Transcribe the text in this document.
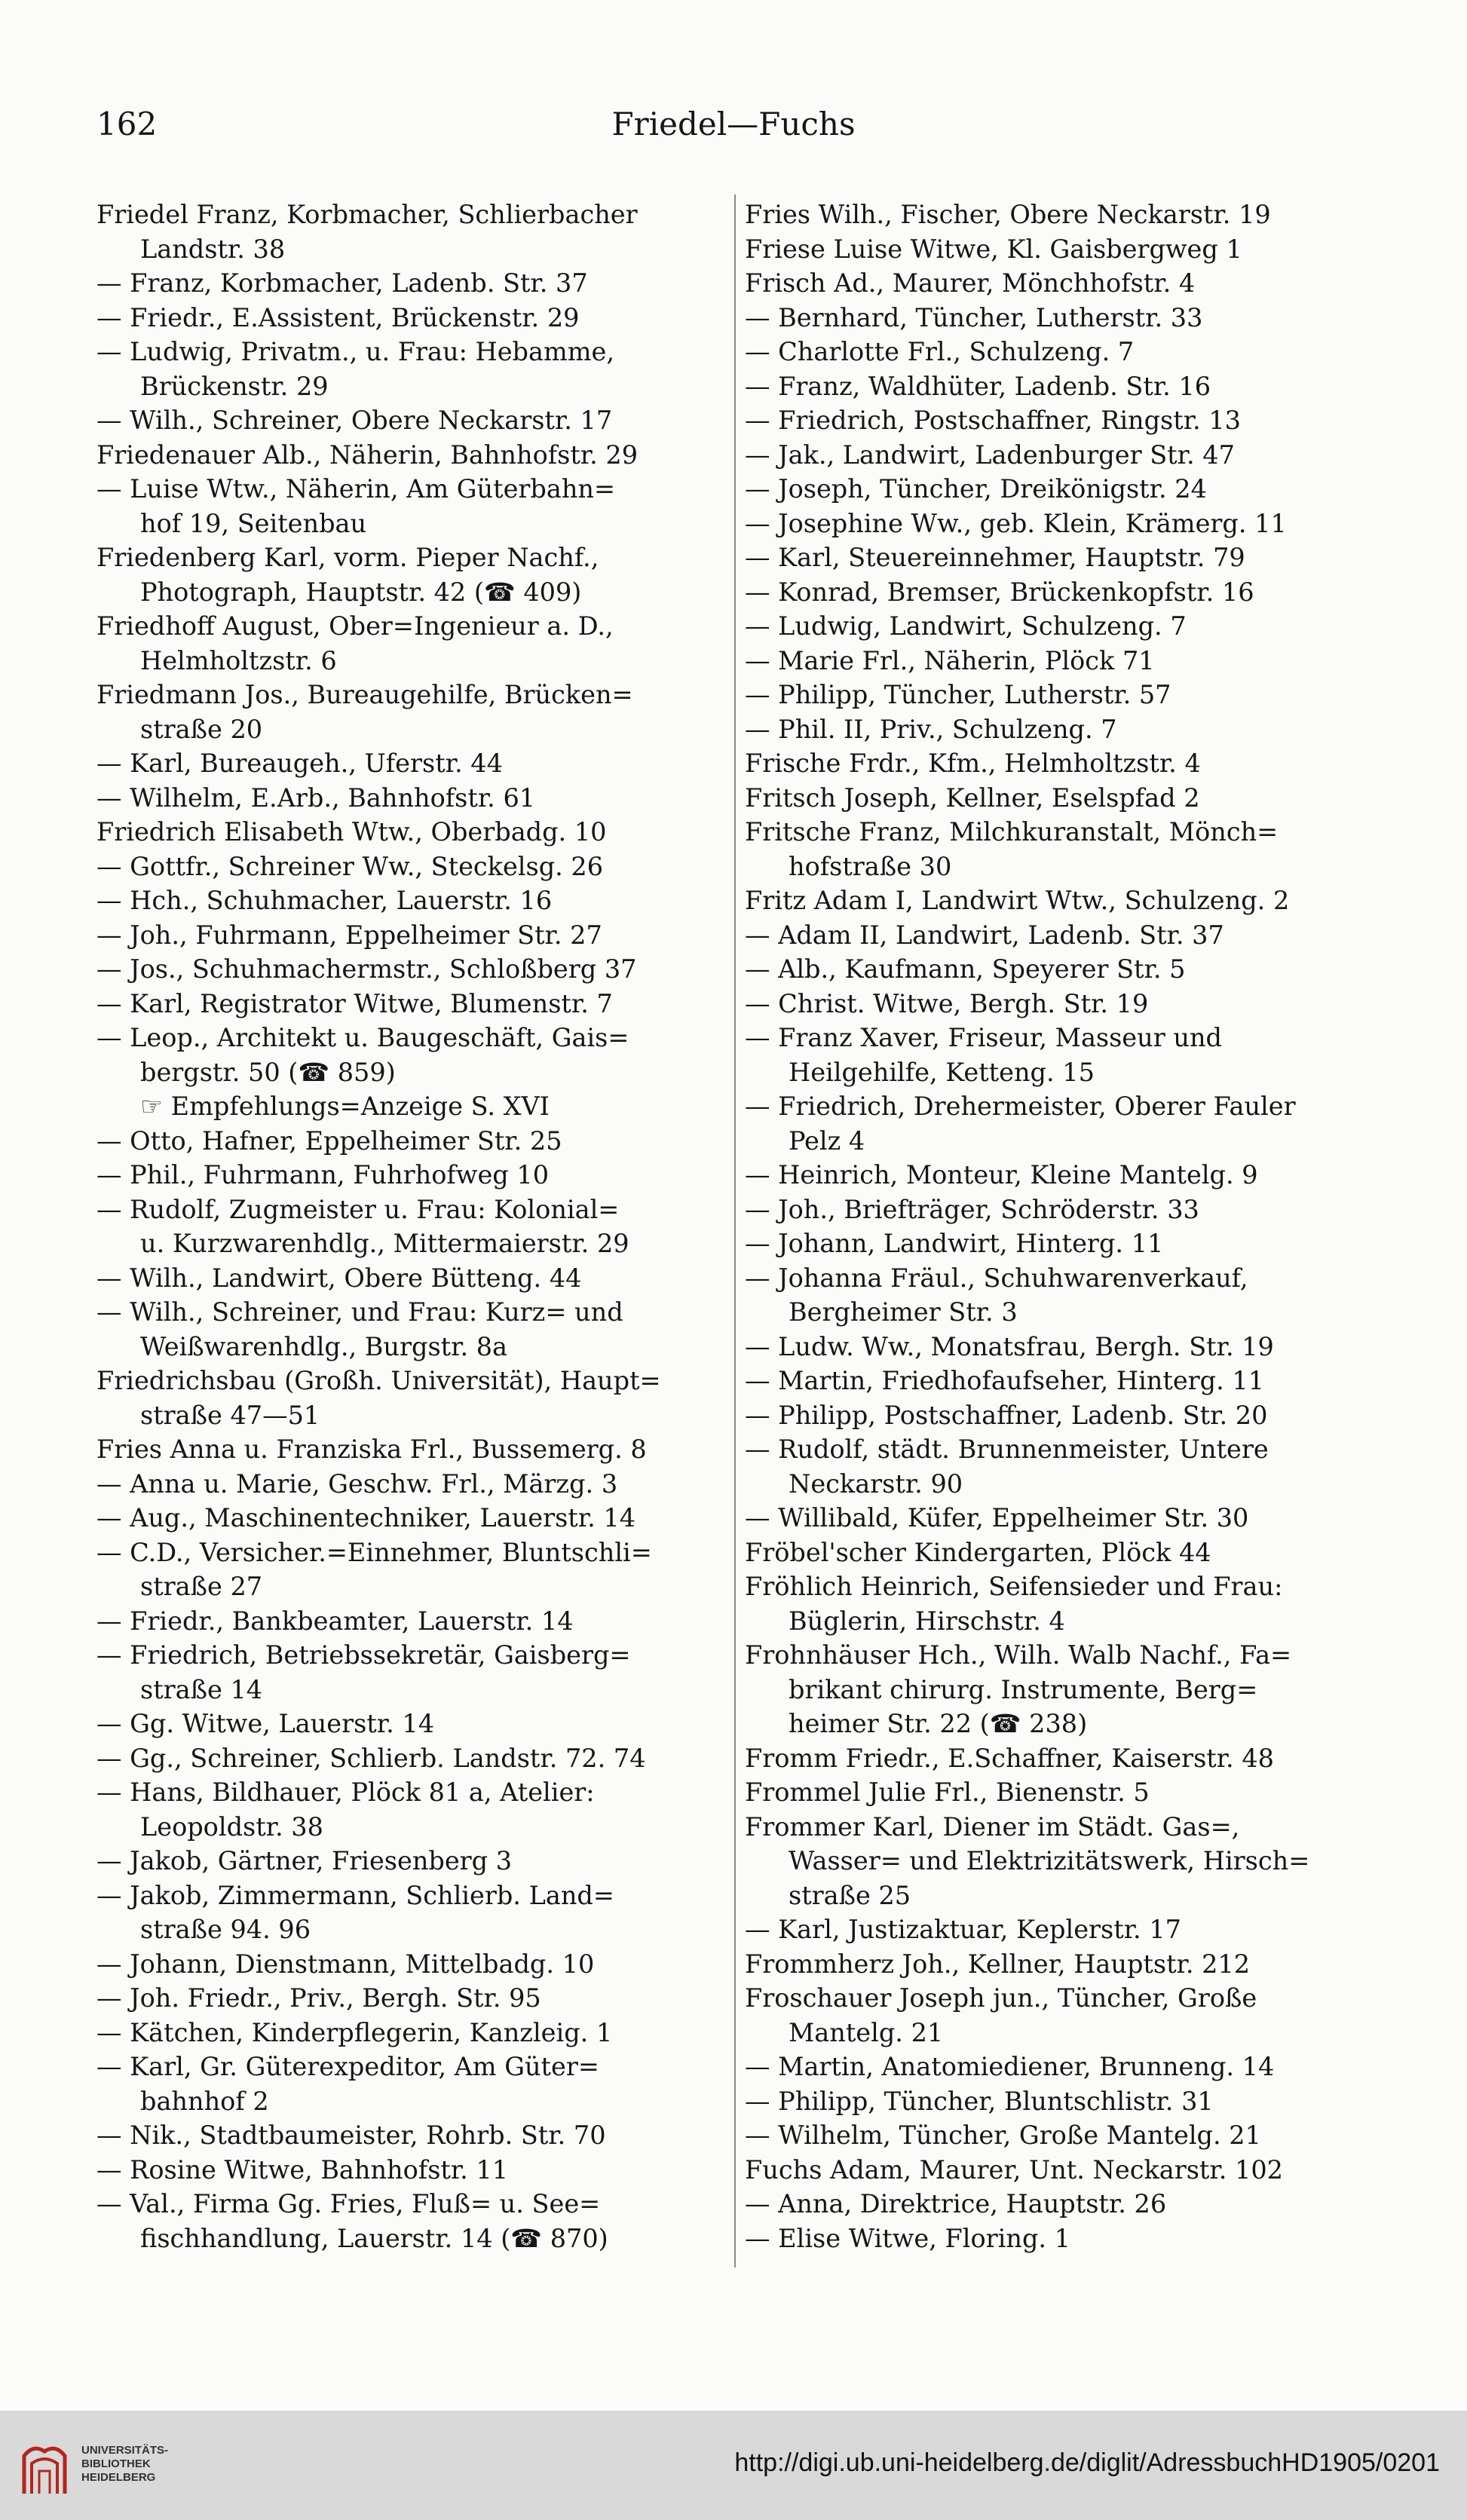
162	Friedel—Fuchs
Friedel Franz, Korbmacher, Schlierbacher
Landstr. 38
— Franz, Korbmacher, Ladenb. Str. 37
— Friedr., E.Assistent, Brückenstr. 29
— Ludwig, Privatm., u. Frau: Hebamme,
Brückenstr. 29
— Wilh., Schreiner, Obere Neckarstr. 17
Friedenauer Alb., Näherin, Bahnhofstr. 29
— Luise Wtw., Näherin, Am Güterbahn=
hof 19, Seitenbau
Friedenberg Karl, vorm. Pieper Nachf.,
Photograph, Hauptstr. 42 (☎ 409)
Friedhoff August, Ober=Ingenieur a. D.,
Helmholtzstr. 6
Friedmann Jos., Bureaugehilfe, Brücken=
straße 20
— Karl, Bureaugeh., Uferstr. 44
— Wilhelm, E.Arb., Bahnhofstr. 61
Friedrich Elisabeth Wtw., Oberbadg. 10
— Gottfr., Schreiner Ww., Steckelsg. 26
— Hch., Schuhmacher, Lauerstr. 16
— Joh., Fuhrmann, Eppelheimer Str. 27
— Jos., Schuhmachermstr., Schloßberg 37
— Karl, Registrator Witwe, Blumenstr. 7
— Leop., Architekt u. Baugeschäft, Gais=
bergstr. 50 (☎ 859)
☞ Empfehlungs=Anzeige S. XVI
— Otto, Hafner, Eppelheimer Str. 25
— Phil., Fuhrmann, Fuhrhofweg 10
— Rudolf, Zugmeister u. Frau: Kolonial=
u. Kurzwarenhdlg., Mittermaierstr. 29
— Wilh., Landwirt, Obere Bütteng. 44
— Wilh., Schreiner, und Frau: Kurz= und
Weißwarenhdlg., Burgstr. 8a
Friedrichsbau (Großh. Universität), Haupt=
straße 47—51
Fries Anna u. Franziska Frl., Bussemerg. 8
— Anna u. Marie, Geschw. Frl., Märzg. 3
— Aug., Maschinentechniker, Lauerstr. 14
— C.D., Versicher.=Einnehmer, Bluntschli=
straße 27
— Friedr., Bankbeamter, Lauerstr. 14
— Friedrich, Betriebssekretär, Gaisberg=
straße 14
— Gg. Witwe, Lauerstr. 14
— Gg., Schreiner, Schlierb. Landstr. 72. 74
— Hans, Bildhauer, Plöck 81 a, Atelier:
Leopoldstr. 38
— Jakob, Gärtner, Friesenberg 3
— Jakob, Zimmermann, Schlierb. Land=
straße 94. 96
— Johann, Dienstmann, Mittelbadg. 10
— Joh. Friedr., Priv., Bergh. Str. 95
— Kätchen, Kinderpflegerin, Kanzleig. 1
— Karl, Gr. Güterexpeditor, Am Güter=
bahnhof 2
— Nik., Stadtbaumeister, Rohrb. Str. 70
— Rosine Witwe, Bahnhofstr. 11
— Val., Firma Gg. Fries, Fluß= u. See=
fischhandlung, Lauerstr. 14 (☎ 870)
Fries Wilh., Fischer, Obere Neckarstr. 19
Friese Luise Witwe, Kl. Gaisbergweg 1
Frisch Ad., Maurer, Mönchhofstr. 4
— Bernhard, Tüncher, Lutherstr. 33
— Charlotte Frl., Schulzeng. 7
— Franz, Waldhüter, Ladenb. Str. 16
— Friedrich, Postschaffner, Ringstr. 13
— Jak., Landwirt, Ladenburger Str. 47
— Joseph, Tüncher, Dreikönigstr. 24
— Josephine Ww., geb. Klein, Krämerg. 11
— Karl, Steuereinnehmer, Hauptstr. 79
— Konrad, Bremser, Brückenkopfstr. 16
— Ludwig, Landwirt, Schulzeng. 7
— Marie Frl., Näherin, Plöck 71
— Philipp, Tüncher, Lutherstr. 57
— Phil. II, Priv., Schulzeng. 7
Frische Frdr., Kfm., Helmholtzstr. 4
Fritsch Joseph, Kellner, Eselspfad 2
Fritsche Franz, Milchkuranstalt, Mönch=
hofstraße 30
Fritz Adam I, Landwirt Wtw., Schulzeng. 2
— Adam II, Landwirt, Ladenb. Str. 37
— Alb., Kaufmann, Speyerer Str. 5
— Christ. Witwe, Bergh. Str. 19
— Franz Xaver, Friseur, Masseur und
Heilgehilfe, Ketteng. 15
— Friedrich, Drehermeister, Oberer Fauler
Pelz 4
— Heinrich, Monteur, Kleine Mantelg. 9
— Joh., Briefträger, Schröderstr. 33
— Johann, Landwirt, Hinterg. 11
— Johanna Fräul., Schuhwarenverkauf,
Bergheimer Str. 3
— Ludw. Ww., Monatsfrau, Bergh. Str. 19
— Martin, Friedhofaufseher, Hinterg. 11
— Philipp, Postschaffner, Ladenb. Str. 20
— Rudolf, städt. Brunnenmeister, Untere
Neckarstr. 90
— Willibald, Küfer, Eppelheimer Str. 30
Fröbel'scher Kindergarten, Plöck 44
Fröhlich Heinrich, Seifensieder und Frau:
Büglerin, Hirschstr. 4
Frohnhäuser Hch., Wilh. Walb Nachf., Fa=
brikant chirurg. Instrumente, Berg=
heimer Str. 22 (☎ 238)
Fromm Friedr., E.Schaffner, Kaiserstr. 48
Frommel Julie Frl., Bienenstr. 5
Frommer Karl, Diener im Städt. Gas=,
Wasser= und Elektrizitätswerk, Hirsch=
straße 25
— Karl, Justizaktuar, Keplerstr. 17
Frommherz Joh., Kellner, Hauptstr. 212
Froschauer Joseph jun., Tüncher, Große
Mantelg. 21
— Martin, Anatomiediener, Brunneng. 14
— Philipp, Tüncher, Bluntschlistr. 31
— Wilhelm, Tüncher, Große Mantelg. 21
Fuchs Adam, Maurer, Unt. Neckarstr. 102
— Anna, Direktrice, Hauptstr. 26
— Elise Witwe, Floring. 1
UNIVERSITÄTS-
BIBLIOTHEK
HEIDELBERG
http://digi.ub.uni-heidelberg.de/diglit/AdressbuchHD1905/0201
